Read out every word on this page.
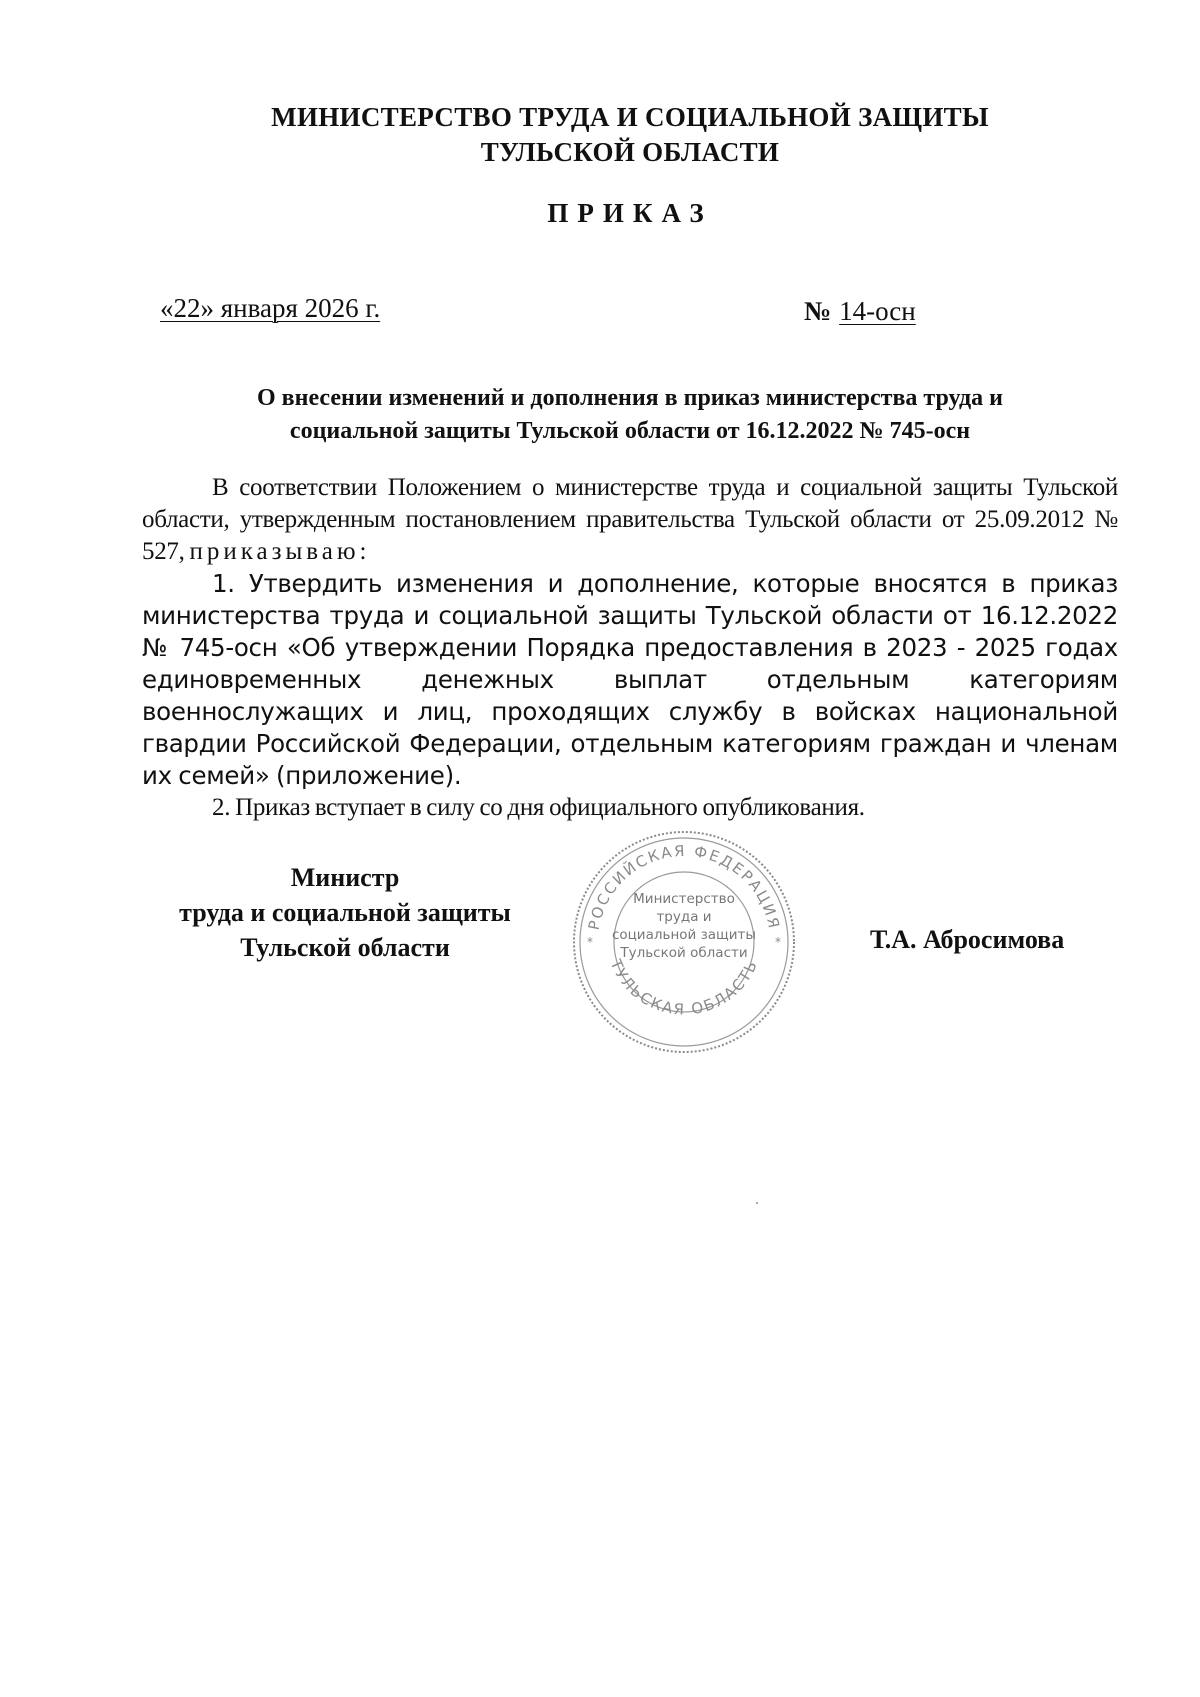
МИНИСТЕРСТВО ТРУДА И СОЦИАЛЬНОЙ ЗАЩИТЫ
ТУЛЬСКОЙ ОБЛАСТИ
ПРИКАЗ
«22» января 2026 г.	№ 14-осн
О внесении изменений и дополнения в приказ министерства труда и
социальной защиты Тульской области от 16.12.2022 № 745-осн

В соответствии Положением о министерстве труда и социальной защиты Тульской области, утвержденным постановлением правительства Тульской области от 25.09.2012 № 527, приказываю:

1. Утвердить изменения и дополнение, которые вносятся в приказ министерства труда и социальной защиты Тульской области от 16.12.2022 № 745-осн «Об утверждении Порядка предоставления в 2023 - 2025 годах единовременных денежных выплат отдельным категориям военнослужащих и лиц, проходящих службу в войсках национальной гвардии Российской Федерации, отдельным категориям граждан и членам их семей» (приложение).

2. Приказ вступает в силу со дня официального опубликования.

Министр
труда и социальной защиты
Тульской области
РОССИЙСКАЯ ФЕДЕРАЦИЯ
ТУЛЬСКАЯ ОБЛАСТЬ
*	*
Министерство
труда и
социальной защиты
Тульской области	Т.А. Абросимова
